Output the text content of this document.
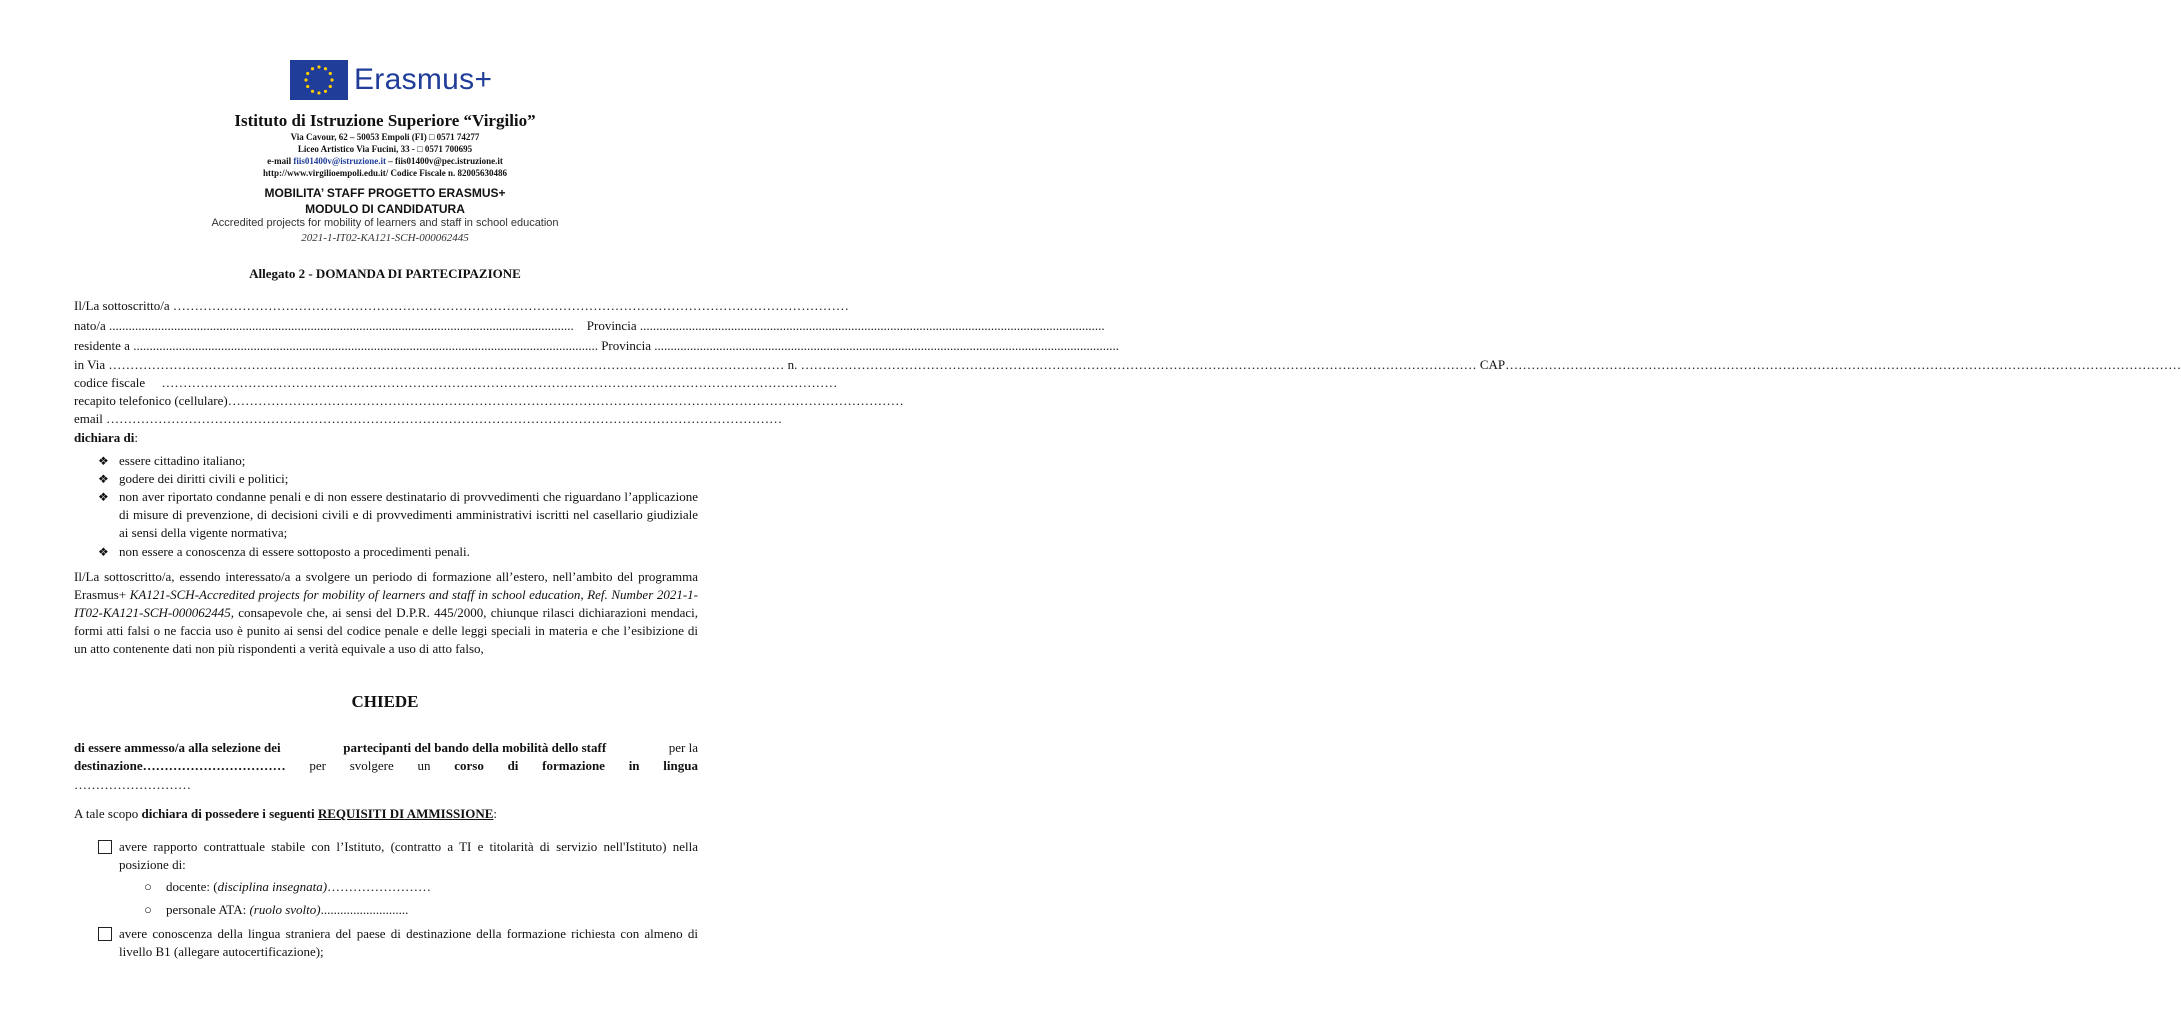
Erasmus+
Istituto di Istruzione Superiore “Virgilio”
Via Cavour, 62 – 50053 Empoli (FI) □ 0571 74277
Liceo Artistico Via Fucini, 33 - □ 0571 700695
e-mail fiis01400v@istruzione.it – fiis01400v@pec.istruzione.it
http://www.virgilioempoli.edu.it/ Codice Fiscale n. 82005630486
MOBILITA’ STAFF PROGETTO ERASMUS+
MODULO DI CANDIDATURA
Accredited projects for mobility of learners and staff in school education
2021-1-IT02-KA121-SCH-000062445
Allegato 2 - DOMANDA DI PARTECIPAZIONE
Il/La sottoscritto/a
…………………………………………………………………………………………………………………………………………
nato/a
...............................................................................................................................................
Provincia
...............................................................................................................................................
residente a
...............................................................................................................................................
Provincia
...............................................................................................................................................
in Via
…………………………………………………………………………………………………………………………………………
n.
…………………………………………………………………………………………………………………………………………
CAP …………………………………………………………………………………………………………………………………………
codice fiscale
…………………………………………………………………………………………………………………………………………
recapito telefonico (cellulare) …………………………………………………………………………………………………………………………………………
email
…………………………………………………………………………………………………………………………………………
dichiara di:
❖ essere cittadino italiano;
❖ godere dei diritti civili e politici;
❖ non aver riportato condanne penali e di non essere destinatario di provvedimenti che riguardano l’applicazione di misure di prevenzione, di decisioni civili e di provvedimenti amministrativi iscritti nel casellario giudiziale ai sensi della vigente normativa;
❖ non essere a conoscenza di essere sottoposto a procedimenti penali.
Il/La sottoscritto/a, essendo interessato/a a svolgere un periodo di formazione all’estero, nell’ambito del programma Erasmus+ KA121-SCH-Accredited projects for mobility of learners and staff in school education, Ref. Number 2021-1-IT02-KA121-SCH-000062445, consapevole che, ai sensi del D.P.R. 445/2000, chiunque rilasci dichiarazioni mendaci, formi atti falsi o ne faccia uso è punito ai sensi del codice penale e delle leggi speciali in materia e che l’esibizione di un atto contenente dati non più rispondenti a verità equivale a uso di atto falso,
CHIEDE
di essere ammesso/a alla selezione dei	partecipanti del bando della mobilità dello staff	per la
destinazione…………………………… per svolgere un corso di formazione in lingua
………………………
A tale scopo dichiara di possedere i seguenti REQUISITI DI AMMISSIONE:
avere rapporto contrattuale stabile con l’Istituto, (contratto a TI e titolarità di servizio nell'Istituto) nella posizione di:
○ docente: (disciplina insegnata)……………………
○ personale ATA: (ruolo svolto)...........................
avere conoscenza della lingua straniera del paese di destinazione della formazione richiesta con almeno di livello B1 (allegare autocertificazione);
